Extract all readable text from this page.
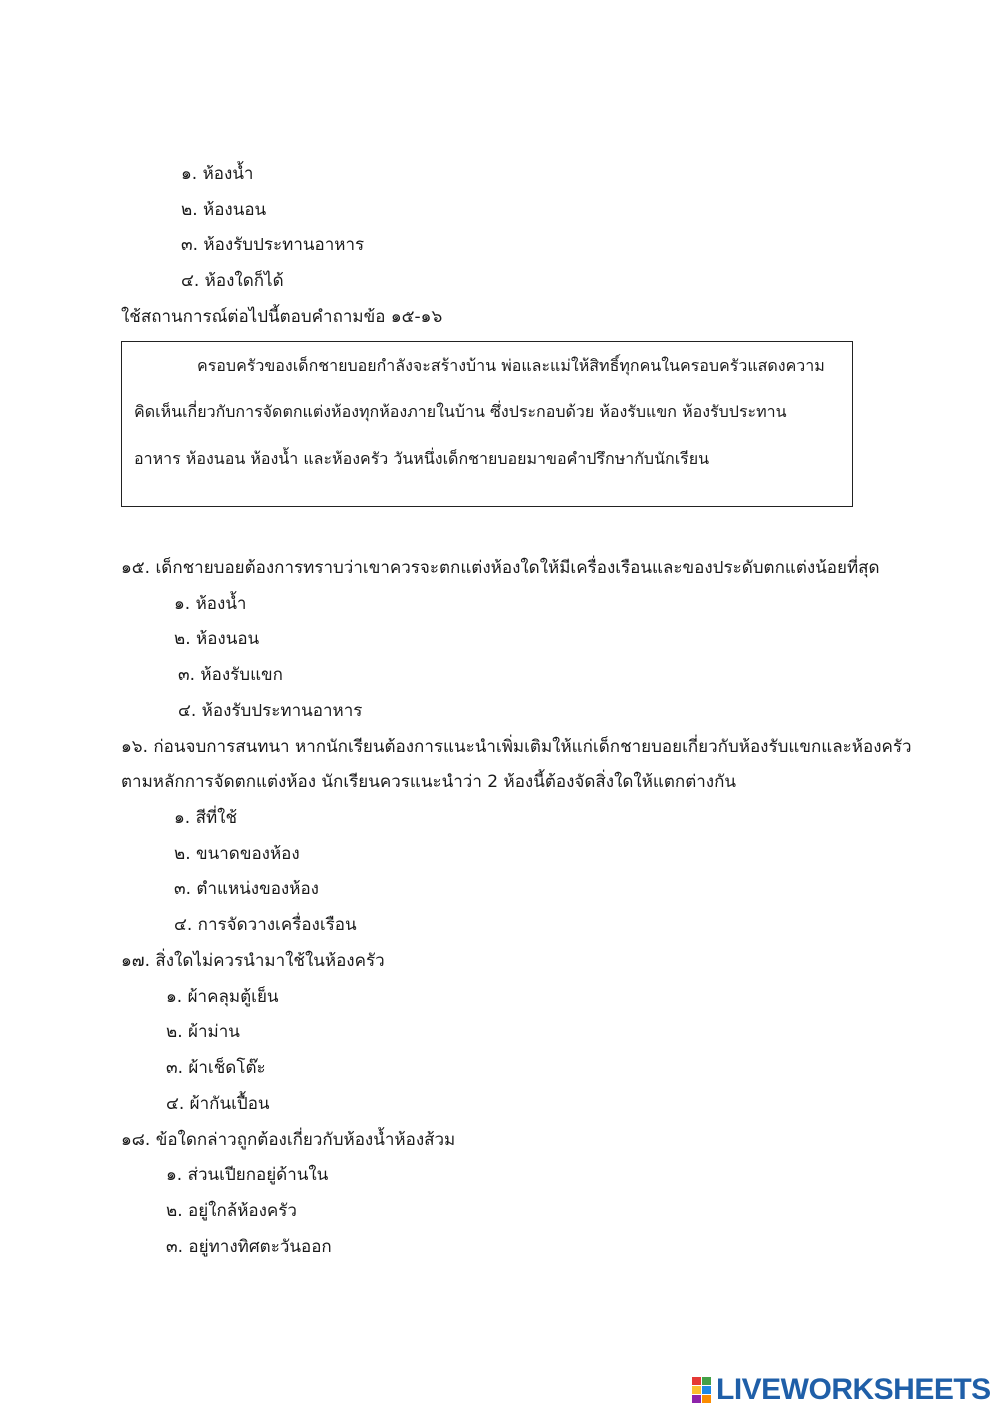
๑. ห้องน้ำ
๒. ห้องนอน
๓. ห้องรับประทานอาหาร
๔. ห้องใดก็ได้
ใช้สถานการณ์ต่อไปนี้ตอบคำถามข้อ ๑๕-๑๖
ครอบครัวของเด็กชายบอยกำลังจะสร้างบ้าน พ่อและแม่ให้สิทธิ์ทุกคนในครอบครัวแสดงความ
คิดเห็นเกี่ยวกับการจัดตกแต่งห้องทุกห้องภายในบ้าน ซึ่งประกอบด้วย ห้องรับแขก ห้องรับประทาน
อาหาร ห้องนอน ห้องน้ำ และห้องครัว วันหนึ่งเด็กชายบอยมาขอคำปรึกษากับนักเรียน
๑๕. เด็กชายบอยต้องการทราบว่าเขาควรจะตกแต่งห้องใดให้มีเครื่องเรือนและของประดับตกแต่งน้อยที่สุด
๑. ห้องน้ำ
๒. ห้องนอน
๓. ห้องรับแขก
๔. ห้องรับประทานอาหาร
๑๖. ก่อนจบการสนทนา หากนักเรียนต้องการแนะนำเพิ่มเติมให้แก่เด็กชายบอยเกี่ยวกับห้องรับแขกและห้องครัว
ตามหลักการจัดตกแต่งห้อง นักเรียนควรแนะนำว่า 2 ห้องนี้ต้องจัดสิ่งใดให้แตกต่างกัน
๑. สีที่ใช้
๒. ขนาดของห้อง
๓. ตำแหน่งของห้อง
๔. การจัดวางเครื่องเรือน
๑๗. สิ่งใดไม่ควรนำมาใช้ในห้องครัว
๑. ผ้าคลุมตู้เย็น
๒. ผ้าม่าน
๓. ผ้าเช็ดโต๊ะ
๔. ผ้ากันเปื้อน
๑๘. ข้อใดกล่าวถูกต้องเกี่ยวกับห้องน้ำห้องส้วม
๑. ส่วนเปียกอยู่ด้านใน
๒. อยู่ใกล้ห้องครัว
๓. อยู่ทางทิศตะวันออก
LIVEWORKSHEETS
